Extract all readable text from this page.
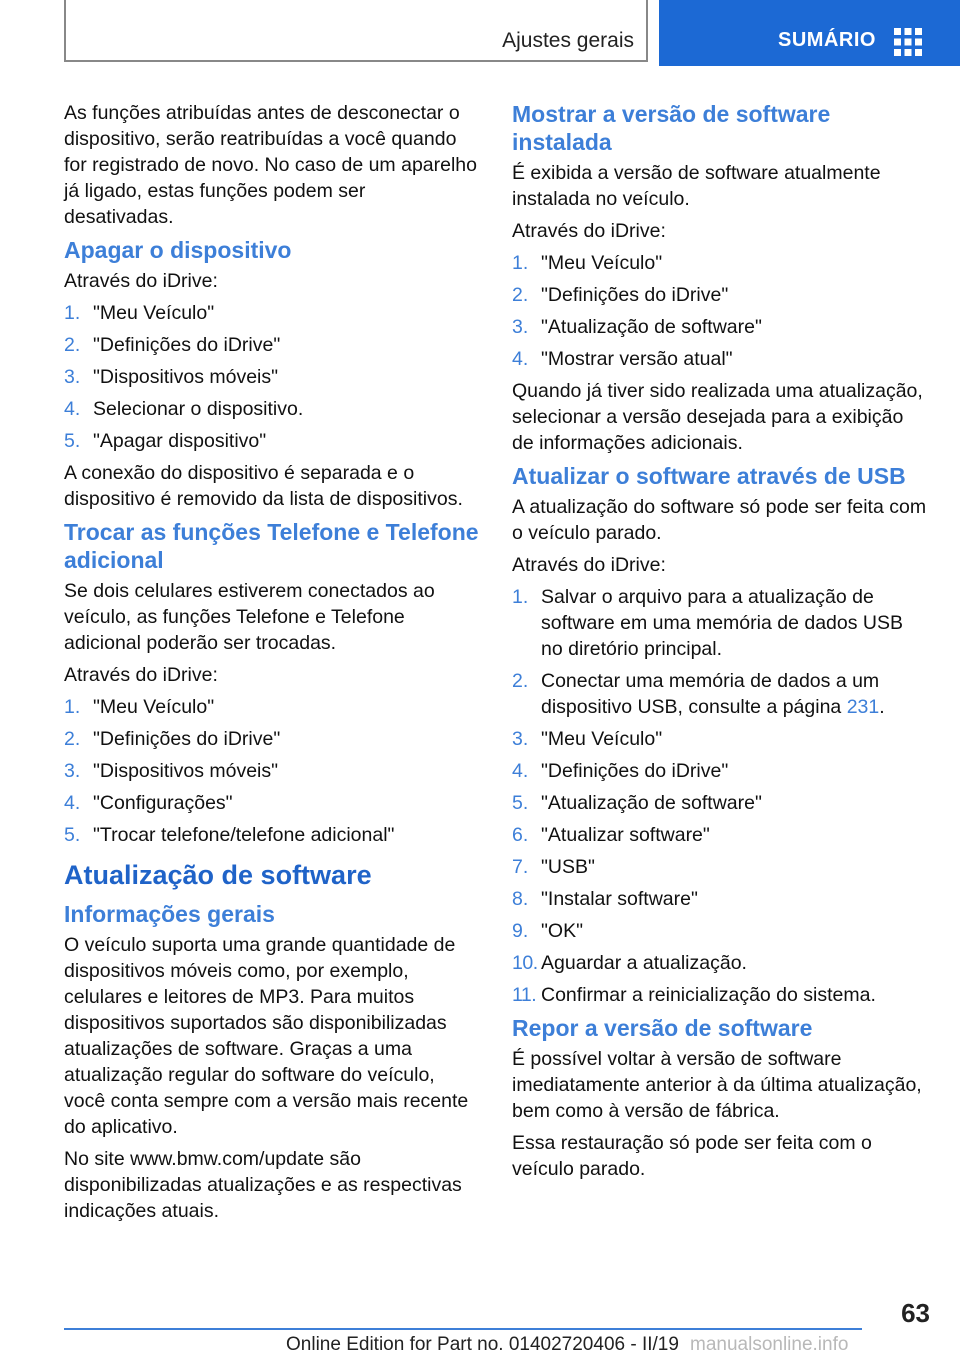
Ajustes gerais	SUMÁRIO

As funções atribuídas antes de desconectar o dispositivo, serão reatribuídas a você quando for registrado de novo. No caso de um aparelho já ligado, estas funções podem ser desativadas.

Apagar o dispositivo

Através do iDrive:

1. "Meu Veículo"
2. "Definições do iDrive"
3. "Dispositivos móveis"
4. Selecionar o dispositivo.
5. "Apagar dispositivo"

A conexão do dispositivo é separada e o dispositivo é removido da lista de dispositivos.

Trocar as funções Telefone e Telefone adicional

Se dois celulares estiverem conectados ao veículo, as funções Telefone e Telefone adicional poderão ser trocadas.

Através do iDrive:

1. "Meu Veículo"
2. "Definições do iDrive"
3. "Dispositivos móveis"
4. "Configurações"
5. "Trocar telefone/telefone adicional"
Atualização de software
Informações gerais

O veículo suporta uma grande quantidade de dispositivos móveis como, por exemplo, celulares e leitores de MP3. Para muitos dispositivos suportados são disponibilizadas atualizações de software. Graças a uma atualização regular do software do veículo, você conta sempre com a versão mais recente do aplicativo.

No site www.bmw.com/update são disponibilizadas atualizações e as respectivas indicações atuais.

Mostrar a versão de software instalada

É exibida a versão de software atualmente instalada no veículo.

Através do iDrive:

1. "Meu Veículo"
2. "Definições do iDrive"
3. "Atualização de software"
4. "Mostrar versão atual"

Quando já tiver sido realizada uma atualização, selecionar a versão desejada para a exibição de informações adicionais.

Atualizar o software através de USB

A atualização do software só pode ser feita com o veículo parado.

Através do iDrive:

1. Salvar o arquivo para a atualização de software em uma memória de dados USB no diretório principal.
2. Conectar uma memória de dados a um dispositivo USB, consulte a página 231.
3. "Meu Veículo"
4. "Definições do iDrive"
5. "Atualização de software"
6. "Atualizar software"
7. "USB"
8. "Instalar software"
9. "OK"
10. Aguardar a atualização.
11. Confirmar a reinicialização do sistema.
Repor a versão de software

É possível voltar à versão de software imediatamente anterior à da última atualização, bem como à versão de fábrica.

Essa restauração só pode ser feita com o veículo parado.

63
Online Edition for Part no. 01402720406 - II/19 manualsonline.info
